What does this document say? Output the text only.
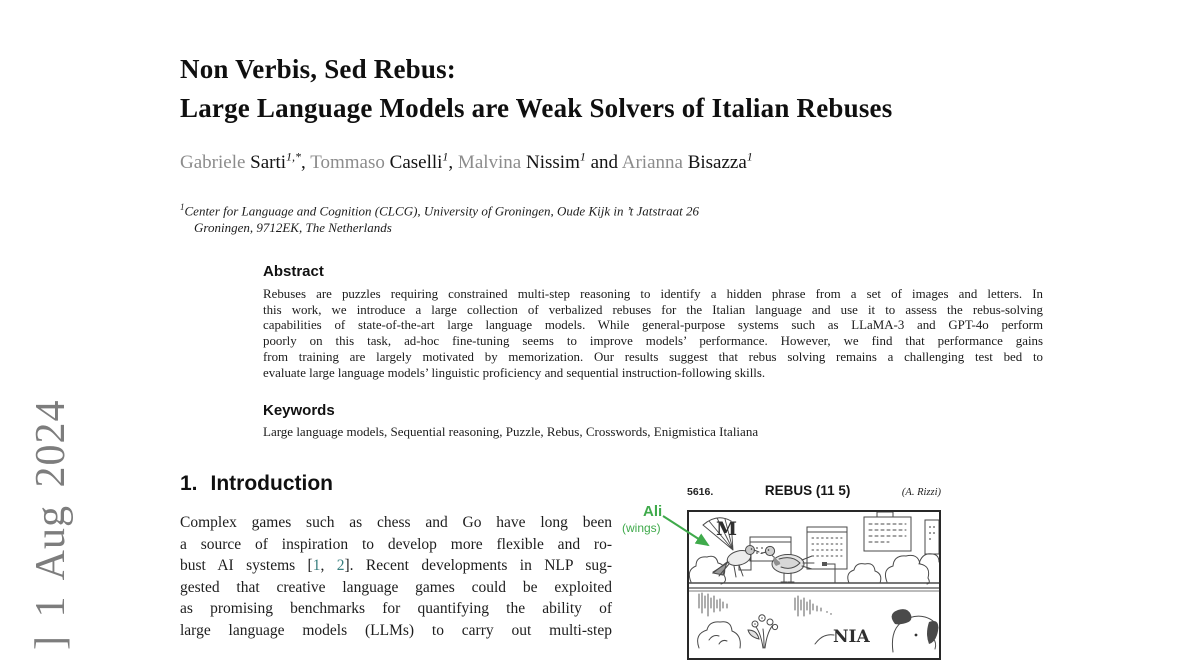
] 1 Aug 2024
Non Verbis, Sed Rebus:
Large Language Models are Weak Solvers of Italian Rebuses
Gabriele Sarti$^{1,*}$, Tommaso Caselli$^1$, Malvina Nissim$^1$ and Arianna Bisazza$^1$
$^1$Center for Language and Cognition (CLCG), University of Groningen, Oude Kijk in ’t Jatstraat 26
Groningen, 9712EK, The Netherlands
Abstract
Rebuses are puzzles requiring constrained multi-step reasoning to identify a hidden phrase from a set of images and letters. In
this work, we introduce a large collection of verbalized rebuses for the Italian language and use it to assess the rebus-solving
capabilities of state-of-the-art large language models. While general-purpose systems such as LLaMA-3 and GPT-4o perform
poorly on this task, ad-hoc fine-tuning seems to improve models’ performance. However, we find that performance gains
from training are largely motivated by memorization. Our results suggest that rebus solving remains a challenging test bed to
evaluate large language models’ linguistic proficiency and sequential instruction-following skills.
Keywords
Large language models, Sequential reasoning, Puzzle, Rebus, Crosswords, Enigmistica Italiana
1. Introduction
Complex games such as chess and Go have long been
a source of inspiration to develop more flexible and ro-
bust AI systems [1, 2]. Recent developments in NLP sug-
gested that creative language games could be exploited
as promising benchmarks for quantifying the ability of
large language models (LLMs) to carry out multi-step
5616.	REBUS (11 5)	(A. Rizzi)
M
NIA
Ali
(wings)
